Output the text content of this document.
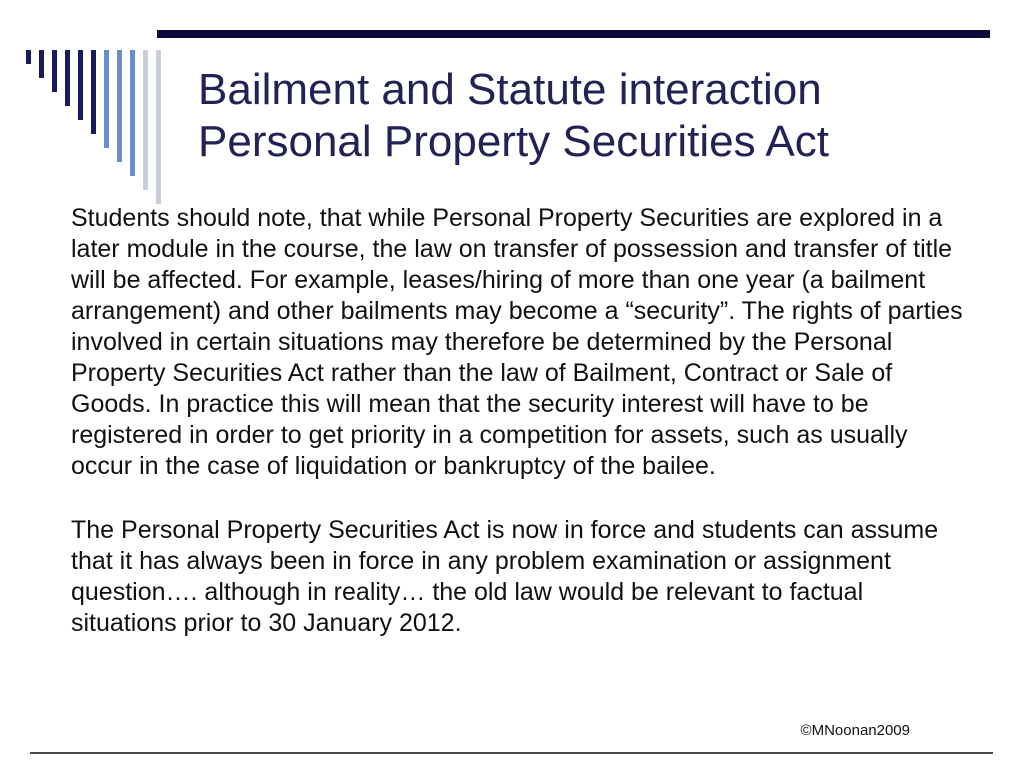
Bailment and Statute interaction
Personal Property Securities Act

Students should note, that while Personal Property Securities are explored in a later module in the course, the law on transfer of possession and transfer of title will be affected. For example, leases/hiring of more than one year (a bailment arrangement) and other bailments may become a “security”. The rights of parties involved in certain situations may therefore be determined by the Personal Property Securities Act rather than the law of Bailment, Contract or Sale of Goods. In practice this will mean that the security interest will have to be registered in order to get priority in a competition for assets, such as usually occur in the case of liquidation or bankruptcy of the bailee.

The Personal Property Securities Act is now in force and students can assume that it has always been in force in any problem examination or assignment question…. although in reality… the old law would be relevant to factual situations prior to 30 January 2012.

©MNoonan2009
